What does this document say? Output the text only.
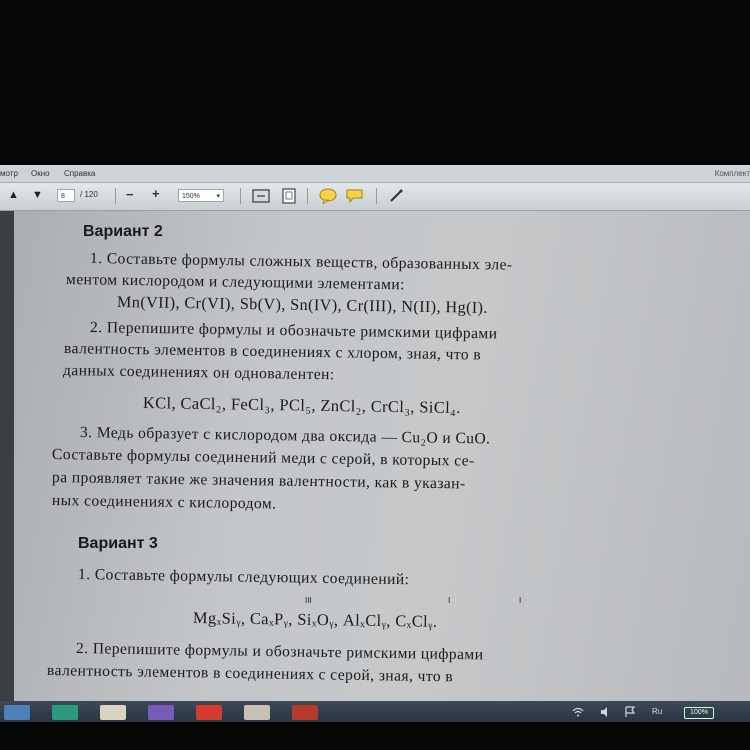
мотр Окно Справка	Комплект
▲ ▼	8	/ 120 − +	150% ▾
Вариант 2
1. Составьте формулы сложных веществ, образованных эле-
ментом кислородом и следующими элементами:
Mn(VII), Cr(VI), Sb(V), Sn(IV), Cr(III), N(II), Hg(I).
2. Перепишите формулы и обозначьте римскими цифрами
валентность элементов в соединениях с хлором, зная, что в
данных соединениях он одновалентен:
KCl, CaCl₂, FeCl₃, PCl₅, ZnCl₂, CrCl₃, SiCl₄.
3. Медь образует с кислородом два оксида — Cu₂O и CuO.
Составьте формулы соединений меди с серой, в которых се-
ра проявляет такие же значения валентности, как в указан-
ных соединениях с кислородом.
Вариант 3
1. Составьте формулы следующих соединений:
III	I	I
MgₓSiᵧ, CaₓPᵧ, SiₓOᵧ, AlₓClᵧ, CₓClᵧ.
2. Перепишите формулы и обозначьте римскими цифрами
валентность элементов в соединениях с серой, зная, что в
Ru	100%
